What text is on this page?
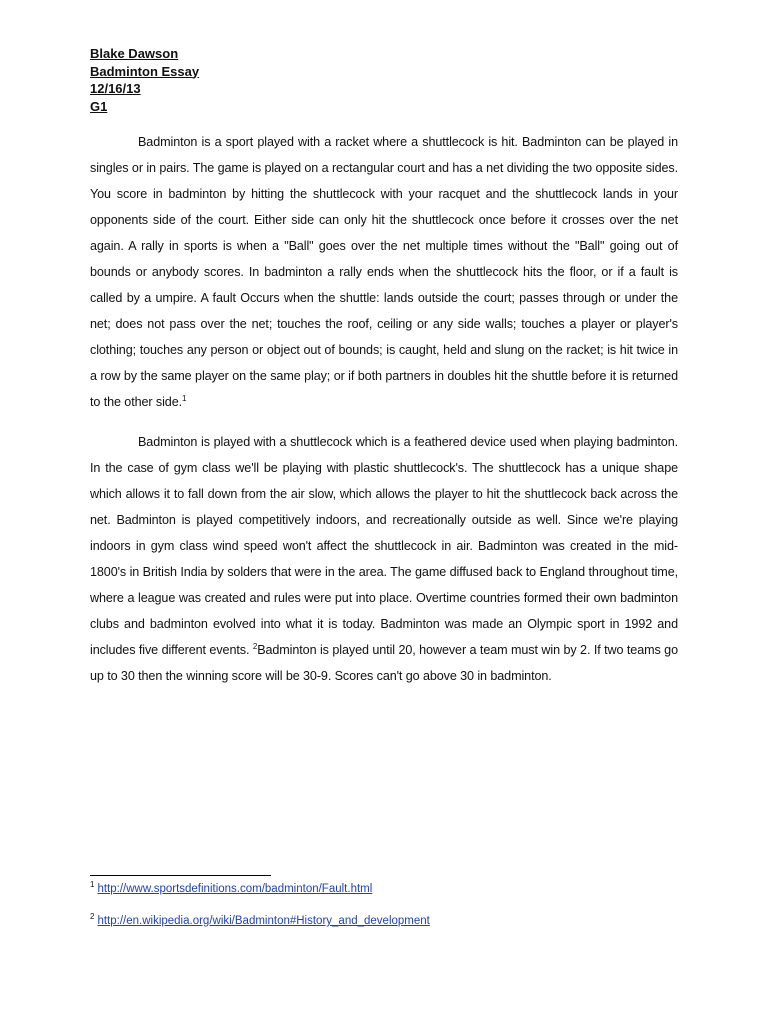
Blake Dawson
Badminton Essay
12/16/13
G1

Badminton is a sport played with a racket where a shuttlecock is hit. Badminton can be played in singles or in pairs. The game is played on a rectangular court and has a net dividing the two opposite sides. You score in badminton by hitting the shuttlecock with your racquet and the shuttlecock lands in your opponents side of the court. Either side can only hit the shuttlecock once before it crosses over the net again. A rally in sports is when a "Ball" goes over the net multiple times without the "Ball" going out of bounds or anybody scores. In badminton a rally ends when the shuttlecock hits the floor, or if a fault is called by a umpire. A fault Occurs when the shuttle: lands outside the court; passes through or under the net; does not pass over the net; touches the roof, ceiling or any side walls; touches a player or player's clothing; touches any person or object out of bounds; is caught, held and slung on the racket; is hit twice in a row by the same player on the same play; or if both partners in doubles hit the shuttle before it is returned to the other side.$^1$

Badminton is played with a shuttlecock which is a feathered device used when playing badminton. In the case of gym class we'll be playing with plastic shuttlecock's. The shuttlecock has a unique shape which allows it to fall down from the air slow, which allows the player to hit the shuttlecock back across the net. Badminton is played competitively indoors, and recreationally outside as well. Since we're playing indoors in gym class wind speed won't affect the shuttlecock in air. Badminton was created in the mid-1800's in British India by solders that were in the area. The game diffused back to England throughout time, where a league was created and rules were put into place. Overtime countries formed their own badminton clubs and badminton evolved into what it is today. Badminton was made an Olympic sport in 1992 and includes five different events. $^2$Badminton is played until 20, however a team must win by 2. If two teams go up to 30 then the winning score will be 30-9. Scores can't go above 30 in badminton.

$^1$ http://www.sportsdefinitions.com/badminton/Fault.html
$^2$ http://en.wikipedia.org/wiki/Badminton#History_and_development
